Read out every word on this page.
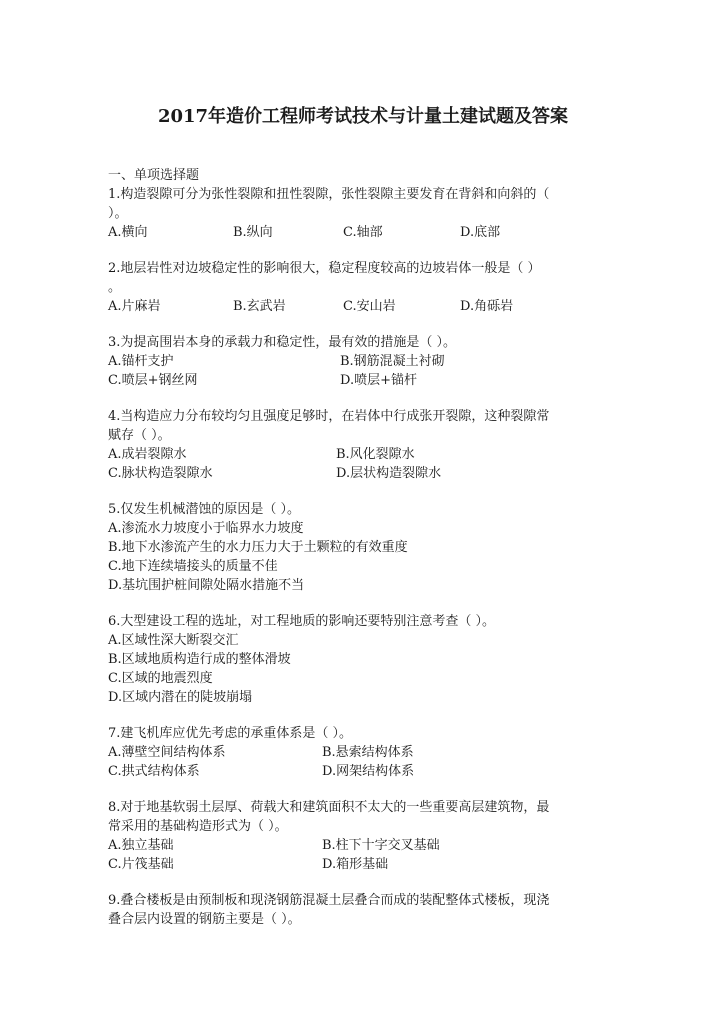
2017年造价工程师考试技术与计量土建试题及答案

一、单项选择题

1.构造裂隙可分为张性裂隙和扭性裂隙，张性裂隙主要发育在背斜和向斜的（

）。

A.横向	B.纵向	C.轴部	D.底部

2.地层岩性对边坡稳定性的影响很大，稳定程度较高的边坡岩体一般是（ ）

。

A.片麻岩	B.玄武岩	C.安山岩	D.角砾岩

3.为提高围岩本身的承载力和稳定性，最有效的措施是（ ）。

A.锚杆支护	B.钢筋混凝土衬砌
C.喷层+钢丝网	D.喷层+锚杆

4.当构造应力分布较均匀且强度足够时，在岩体中行成张开裂隙，这种裂隙常

赋存（ ）。

A.成岩裂隙水	B.风化裂隙水
C.脉状构造裂隙水	D.层状构造裂隙水

5.仅发生机械潜蚀的原因是（ ）。

A.渗流水力坡度小于临界水力坡度
B.地下水渗流产生的水力压力大于土颗粒的有效重度
C.地下连续墙接头的质量不佳
D.基坑围护桩间隙处隔水措施不当

6.大型建设工程的选址，对工程地质的影响还要特别注意考查（ ）。

A.区域性深大断裂交汇
B.区域地质构造行成的整体滑坡
C.区域的地震烈度
D.区域内潜在的陡坡崩塌

7.建飞机库应优先考虑的承重体系是（ ）。

A.薄壁空间结构体系	B.悬索结构体系
C.拱式结构体系	D.网架结构体系

8.对于地基软弱土层厚、荷载大和建筑面积不太大的一些重要高层建筑物，最

常采用的基础构造形式为（ ）。

A.独立基础	B.柱下十字交叉基础
C.片筏基础	D.箱形基础

9.叠合楼板是由预制板和现浇钢筋混凝土层叠合而成的装配整体式楼板，现浇

叠合层内设置的钢筋主要是（ ）。
